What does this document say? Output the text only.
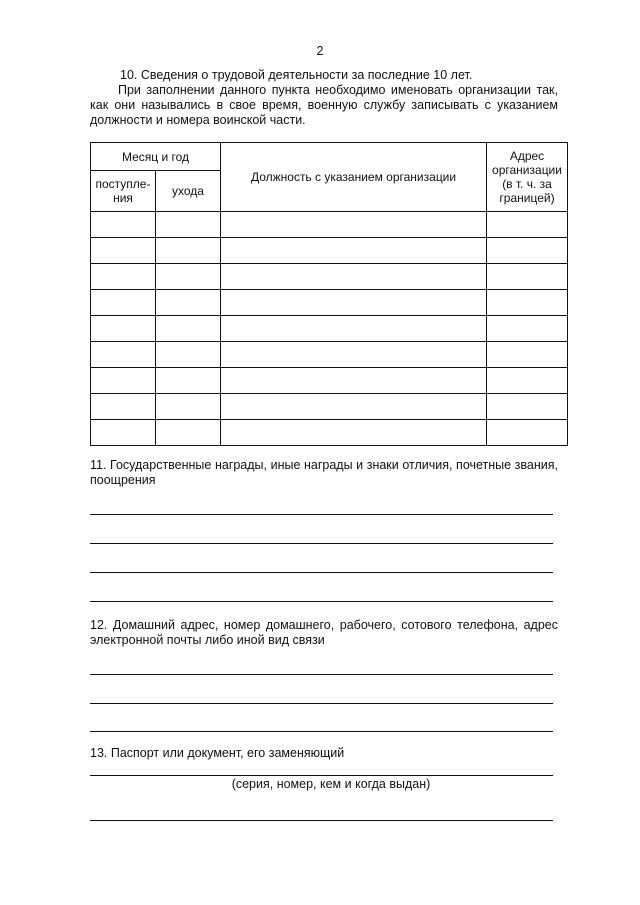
2
10. Сведения о трудовой деятельности за последние 10 лет.
При заполнении данного пункта необходимо именовать организации так, как они назывались в свое время, военную службу записывать с указанием должности и номера воинской части.
Месяц и год		Должность с указанием организации	Адрес организации (в т. ч. за границей)
поступле-ния	ухода		

11. Государственные награды, иные награды и знаки отличия, почетные звания, поощрения
12. Домашний адрес, номер домашнего, рабочего, сотового телефона, адрес электронной почты либо иной вид связи
13. Паспорт или документ, его заменяющий
(серия, номер, кем и когда выдан)
